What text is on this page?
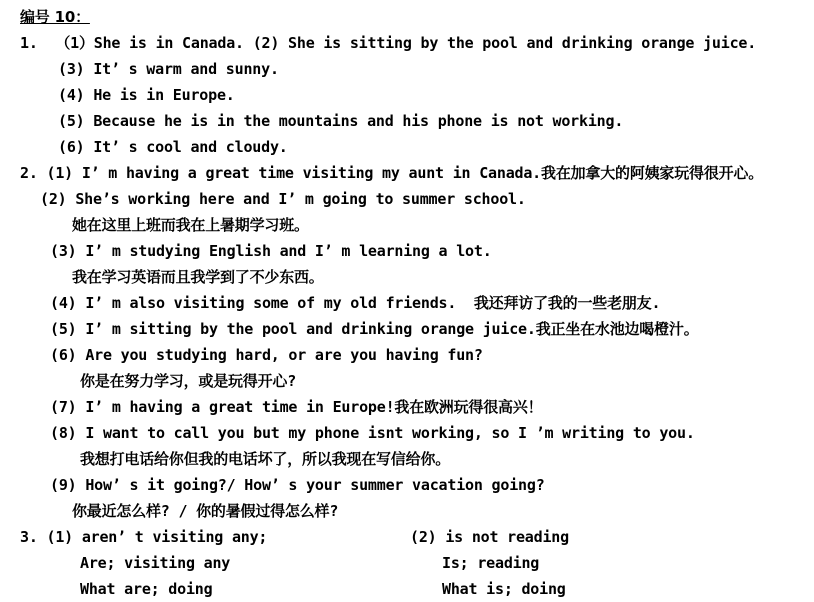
编号 10：
1.  （1）She is in Canada. (2) She is sitting by the pool and drinking orange juice.
(3) It’ s warm and sunny.
(4) He is in Europe.
(5) Because he is in the mountains and his phone is not working.
(6) It’ s cool and cloudy.
2. (1) I’ m having a great time visiting my aunt in Canada.我在加拿大的阿姨家玩得很开心。
(2) She’s working here and I’ m going to summer school.
她在这里上班而我在上暑期学习班。
(3) I’ m studying English and I’ m learning a lot.
我在学习英语而且我学到了不少东西。
(4) I’ m also visiting some of my old friends.  我还拜访了我的一些老朋友.
(5) I’ m sitting by the pool and drinking orange juice.我正坐在水池边喝橙汁。
(6) Are you studying hard, or are you having fun?
你是在努力学习，或是玩得开心?
(7) I’ m having a great time in Europe!我在欧洲玩得很高兴！
(8) I want to call you but my phone isnt working, so I ’m writing to you.
我想打电话给你但我的电话坏了，所以我现在写信给你。
(9) How’ s it going?/ How’ s your summer vacation going?
你最近怎么样? / 你的暑假过得怎么样?
3. (1) aren’ t visiting any;
Are; visiting any
What are; doing
(2) is not reading
Is; reading
What is; doing
